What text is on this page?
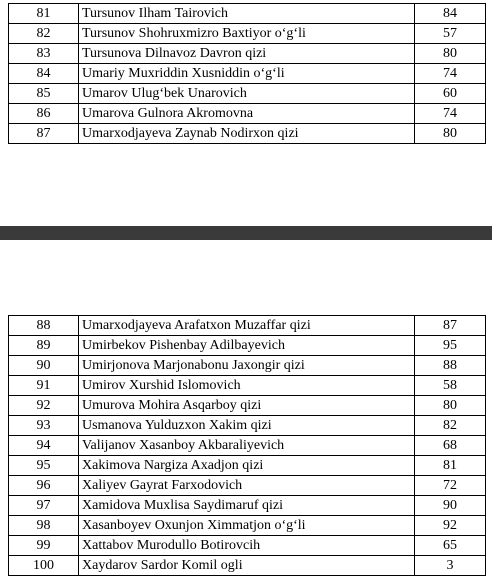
81	Tursunov Ilham Tairovich	84
82	Tursunov Shohruxmizro Baxtiyor o‘g‘li	57
83	Tursunova Dilnavoz Davron qizi	80
84	Umariy Muxriddin Xusniddin o‘g‘li	74
85	Umarov Ulug‘bek Unarovich	60
86	Umarova Gulnora Akromovna	74
87	Umarxodjayeva Zaynab Nodirxon qizi	80
88	Umarxodjayeva Arafatxon Muzaffar qizi	87
89	Umirbekov Pishenbay Adilbayevich	95
90	Umirjonova Marjonabonu Jaxongir qizi	88
91	Umirov Xurshid Islomovich	58
92	Umurova Mohira Asqarboy qizi	80
93	Usmanova Yulduzxon Xakim qizi	82
94	Valijanov Xasanboy Akbaraliyevich	68
95	Xakimova Nargiza Axadjon qizi	81
96	Xaliyev Gayrat Farxodovich	72
97	Xamidova Muxlisa Saydimaruf qizi	90
98	Xasanboyev Oxunjon Ximmatjon o‘g‘li	92
99	Xattabov Murodullo Botirovcih	65
100	Xaydarov Sardor Komil ogli	3
